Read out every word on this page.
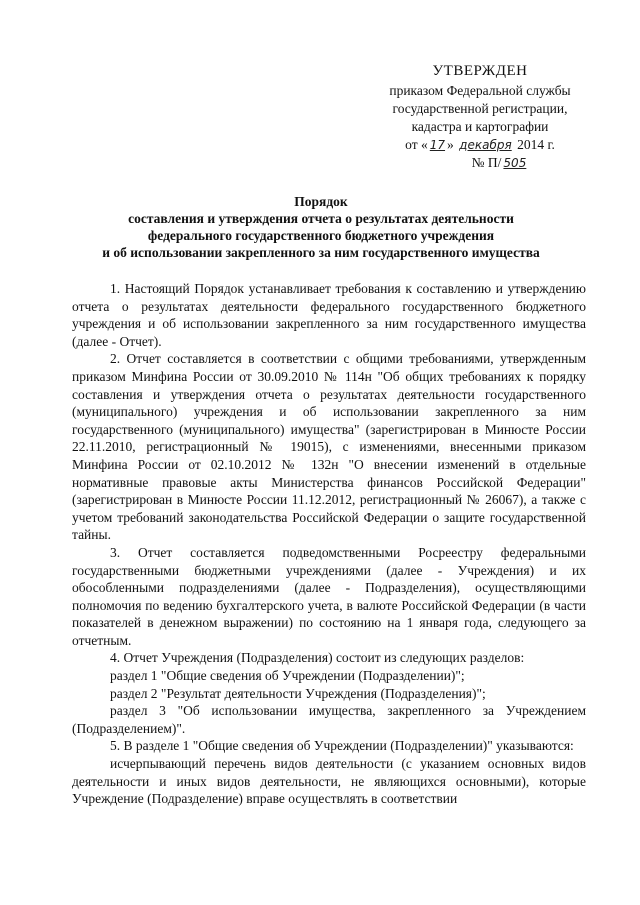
УТВЕРЖДЕН
приказом Федеральной службы
государственной регистрации,
кадастра и картографии
от « 17 » декабря 2014 г.
№ П/ 505
Порядок
составления и утверждения отчета о результатах деятельности
федерального государственного бюджетного учреждения
и об использовании закрепленного за ним государственного имущества

1. Настоящий Порядок устанавливает требования к составлению и утверждению отчета о результатах деятельности федерального государственного бюджетного учреждения и об использовании закрепленного за ним государственного имущества (далее - Отчет).

2. Отчет составляется в соответствии с общими требованиями, утвержденным приказом Минфина России от 30.09.2010 № 114н "Об общих требованиях к порядку составления и утверждения отчета о результатах деятельности государственного (муниципального) учреждения и об использовании закрепленного за ним государственного (муниципального) имущества" (зарегистрирован в Минюсте России 22.11.2010, регистрационный № 19015), с изменениями, внесенными приказом Минфина России от 02.10.2012 № 132н "О внесении изменений в отдельные нормативные правовые акты Министерства финансов Российской Федерации" (зарегистрирован в Минюсте России 11.12.2012, регистрационный № 26067), а также с учетом требований законодательства Российской Федерации о защите государственной тайны.

3. Отчет составляется подведомственными Росреестру федеральными государственными бюджетными учреждениями (далее - Учреждения) и их обособленными подразделениями (далее - Подразделения), осуществляющими полномочия по ведению бухгалтерского учета, в валюте Российской Федерации (в части показателей в денежном выражении) по состоянию на 1 января года, следующего за отчетным.

4. Отчет Учреждения (Подразделения) состоит из следующих разделов:

раздел 1 "Общие сведения об Учреждении (Подразделении)";

раздел 2 "Результат деятельности Учреждения (Подразделения)";

раздел 3 "Об использовании имущества, закрепленного за Учреждением (Подразделением)".

5. В разделе 1 "Общие сведения об Учреждении (Подразделении)" указываются:

исчерпывающий перечень видов деятельности (с указанием основных видов деятельности и иных видов деятельности, не являющихся основными), которые Учреждение (Подразделение) вправе осуществлять в соответствии
